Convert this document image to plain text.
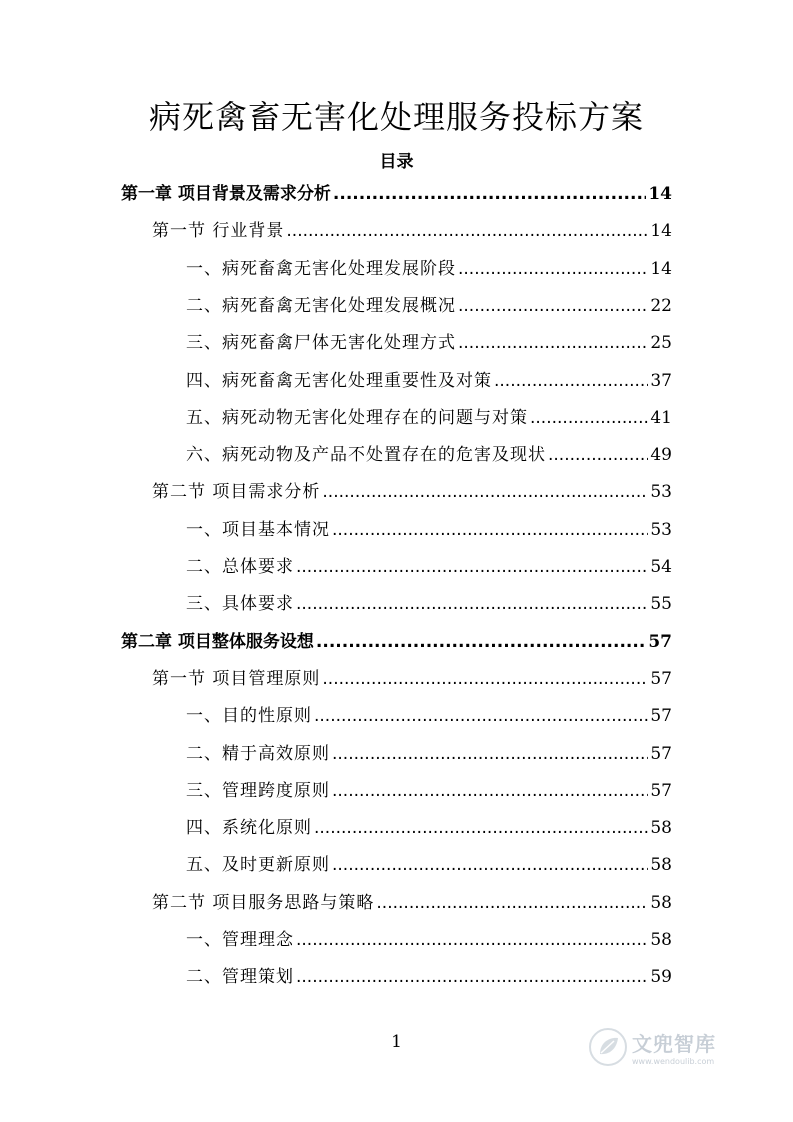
病死禽畜无害化处理服务投标方案
目录
第一章 项目背景及需求分析 .....	14
第一节 行业背景 .....	14
一、病死畜禽无害化处理发展阶段 .....	14
二、病死畜禽无害化处理发展概况 .....	22
三、病死畜禽尸体无害化处理方式 .....	25
四、病死畜禽无害化处理重要性及对策 .....	37
五、病死动物无害化处理存在的问题与对策 .....	41
六、病死动物及产品不处置存在的危害及现状 .....	49
第二节 项目需求分析 .....	53
一、项目基本情况 .....	53
二、总体要求 .....	54
三、具体要求 .....	55
第二章 项目整体服务设想 .....	57
第一节 项目管理原则 .....	57
一、目的性原则 .....	57
二、精于高效原则 .....	57
三、管理跨度原则 .....	57
四、系统化原则 .....	58
五、及时更新原则 .....	58
第二节 项目服务思路与策略 .....	58
一、管理理念 .....	58
二、管理策划 .....	59
1	文兜智库
www.wendoulib.com
